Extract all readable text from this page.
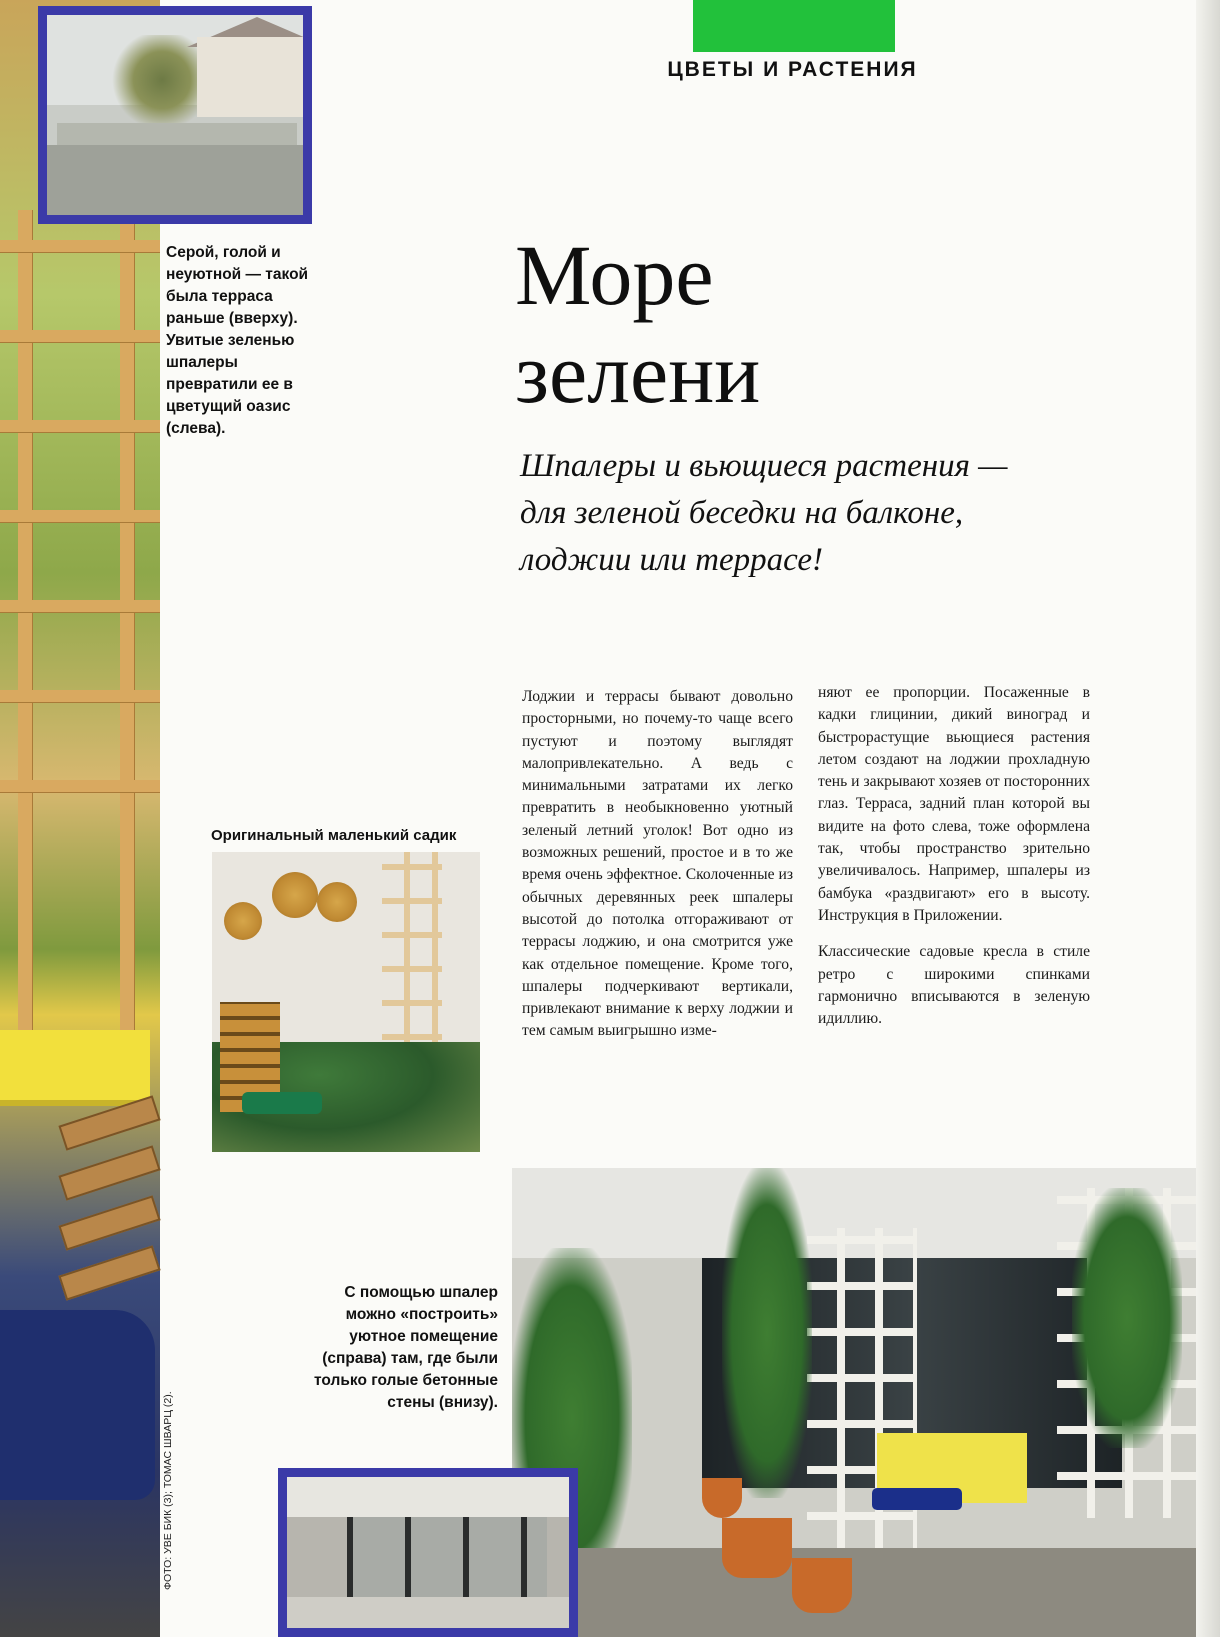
Серой, голой и неуютной — такой была терраса раньше (вверху). Увитые зеленью шпалеры превратили ее в цветущий оазис (слева).
ЦВЕТЫ И РАСТЕНИЯ
Море
зелени
Шпалеры и вьющиеся растения —
для зеленой беседки на балконе,
лоджии или террасе!
Оригинальный маленький садик

Лоджии и террасы бывают довольно просторными, но почему-то чаще всего пустуют и поэтому выглядят малопривлекательно. А ведь с минимальными затратами их легко превратить в необыкновенно уютный зеленый летний уголок! Вот одно из возможных решений, простое и в то же время очень эффектное. Сколоченные из обычных деревянных реек шпалеры высотой до потолка отгораживают от террасы лоджию, и она смотрится уже как отдельное помещение. Кроме того, шпалеры подчеркивают вертикали, привлекают внимание к верху лоджии и тем самым выигрышно изме-

няют ее пропорции. Посаженные в кадки глицинии, дикий виноград и быстрорастущие вьющиеся растения летом создают на лоджии прохладную тень и закрывают хозяев от посторонних глаз. Терраса, задний план которой вы видите на фото слева, тоже оформлена так, чтобы пространство зрительно увеличивалось. Например, шпалеры из бамбука «раздвигают» его в высоту. Инструкция в Приложении.

Классические садовые кресла в стиле ретро с широкими спинками гармонично вписываются в зеленую идиллию.

С помощью шпалер можно «построить» уютное помещение (справа) там, где были только голые бетонные стены (внизу).
ФОТО: УВЕ БИК (3); ТОМАС ШВАРЦ (2).
